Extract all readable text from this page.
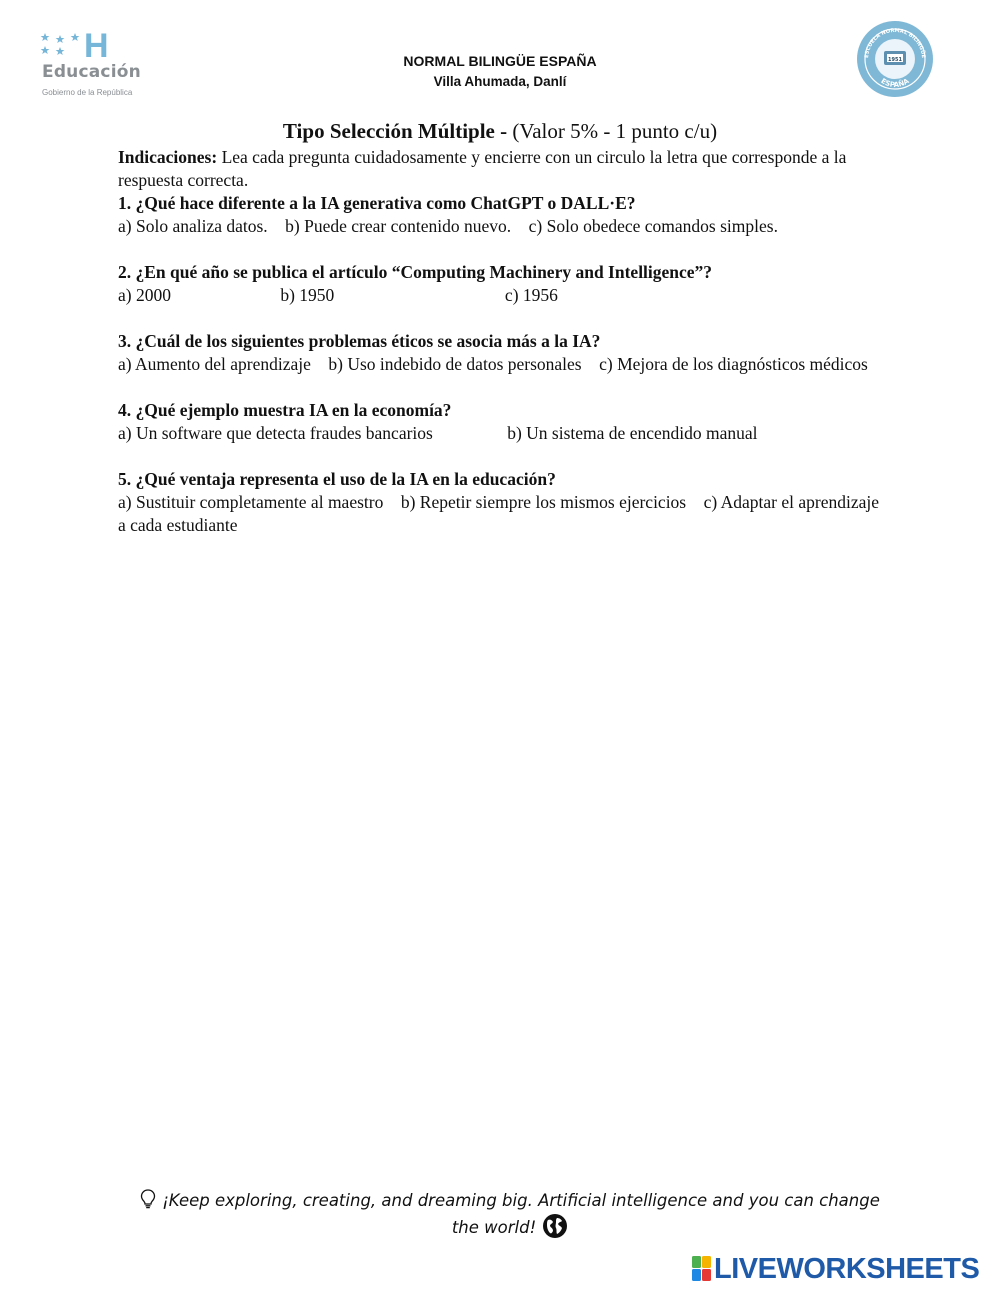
H
Educación
Gobierno de la República
NORMAL BILINGÜE ESPAÑA
Villa Ahumada, Danlí
ESCUELA NORMAL BILINGÜE
1951
ESPAÑA
Tipo Selección Múltiple - (Valor 5% - 1 punto c/u)

Indicaciones: Lea cada pregunta cuidadosamente y encierre con un circulo la letra que corresponde a la respuesta correcta.

1. ¿Qué hace diferente a la IA generativa como ChatGPT o DALL·E?

a) Solo analiza datos.    b) Puede crear contenido nuevo.    c) Solo obedece comandos simples.

2. ¿En qué año se publica el artículo “Computing Machinery and Intelligence”?

a) 2000                         b) 1950                                       c) 1956

3. ¿Cuál de los siguientes problemas éticos se asocia más a la IA?

a) Aumento del aprendizaje    b) Uso indebido de datos personales    c) Mejora de los diagnósticos médicos

4. ¿Qué ejemplo muestra IA en la economía?

a) Un software que detecta fraudes bancarios                 b) Un sistema de encendido manual

5. ¿Qué ventaja representa el uso de la IA en la educación?

a) Sustituir completamente al maestro    b) Repetir siempre los mismos ejercicios    c) Adaptar el aprendizaje a cada estudiante

¡Keep exploring, creating, and dreaming big. Artificial intelligence and you can change the world!
LIVEWORKSHEETS
